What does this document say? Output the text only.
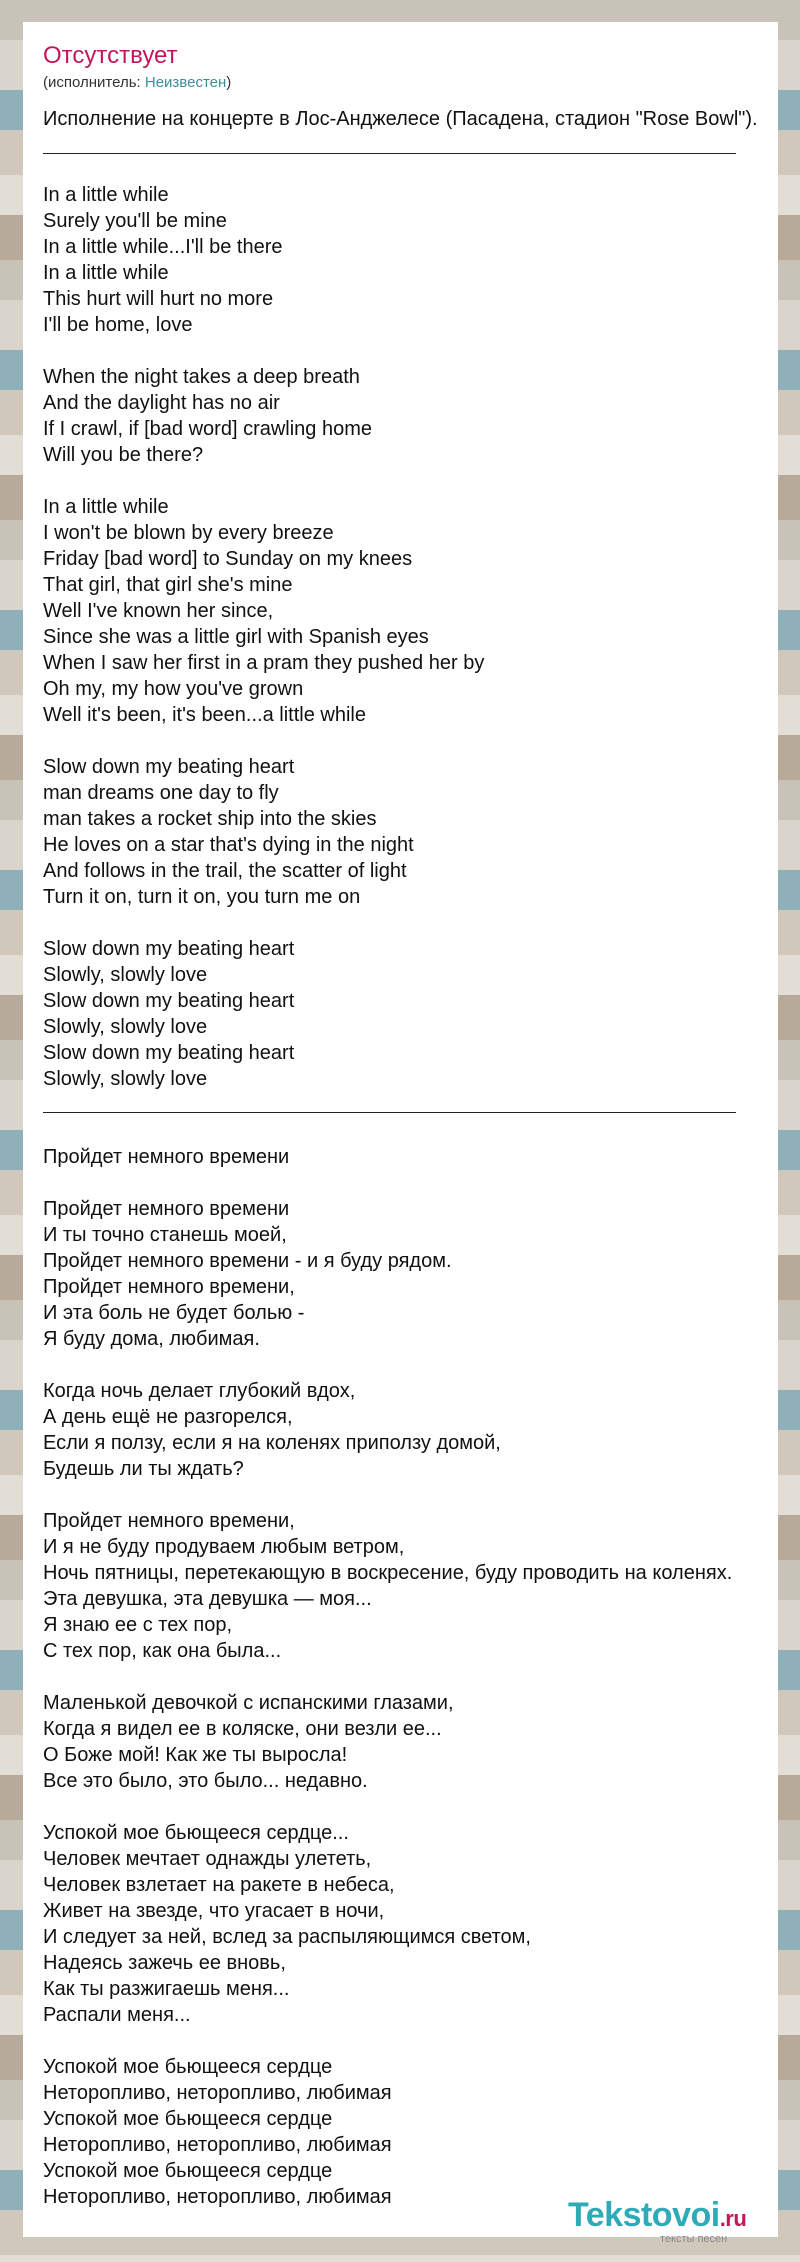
Отсутствует
(исполнитель: Неизвестен)
Исполнение на концерте в Лос-Анджелесе (Пасадена, стадион "Rose Bowl").
In a little while
Surely you'll be mine
In a little while...I'll be there
In a little while
This hurt will hurt no more
I'll be home, love
When the night takes a deep breath
And the daylight has no air
If I crawl, if [bad word] crawling home
Will you be there?
In a little while
I won't be blown by every breeze
Friday [bad word] to Sunday on my knees
That girl, that girl she's mine
Well I've known her since,
Since she was a little girl with Spanish eyes
When I saw her first in a pram they pushed her by
Oh my, my how you've grown
Well it's been, it's been...a little while
Slow down my beating heart
man dreams one day to fly
man takes a rocket ship into the skies
He loves on a star that's dying in the night
And follows in the trail, the scatter of light
Turn it on, turn it on, you turn me on
Slow down my beating heart
Slowly, slowly love
Slow down my beating heart
Slowly, slowly love
Slow down my beating heart
Slowly, slowly love
Пройдет немного времени
Пройдет немного времени
И ты точно станешь моей,
Пройдет немного времени - и я буду рядом.
Пройдет немного времени,
И эта боль не будет болью -
Я буду дома, любимая.
Когда ночь делает глубокий вдох,
А день ещё не разгорелся,
Если я ползу, если я на коленях приползу домой,
Будешь ли ты ждать?
Пройдет немного времени,
И я не буду продуваем любым ветром,
Ночь пятницы, перетекающую в воскресение, буду проводить на коленях.
Эта девушка, эта девушка — моя...
Я знаю ее с тех пор,
С тех пор, как она была...
Маленькой девочкой с испанскими глазами,
Когда я видел ее в коляске, они везли ее...
О Боже мой! Как же ты выросла!
Все это было, это было... недавно.
Успокой мое бьющееся сердце...
Человек мечтает однажды улететь,
Человек взлетает на ракете в небеса,
Живет на звезде, что угасает в ночи,
И следует за ней, вслед за распыляющимся светом,
Надеясь зажечь ее вновь,
Как ты разжигаешь меня...
Распали меня...
Успокой мое бьющееся сердце
Неторопливо, неторопливо, любимая
Успокой мое бьющееся сердце
Неторопливо, неторопливо, любимая
Успокой мое бьющееся сердце
Неторопливо, неторопливо, любимая	Tekstovoi.ru
тексты песен
